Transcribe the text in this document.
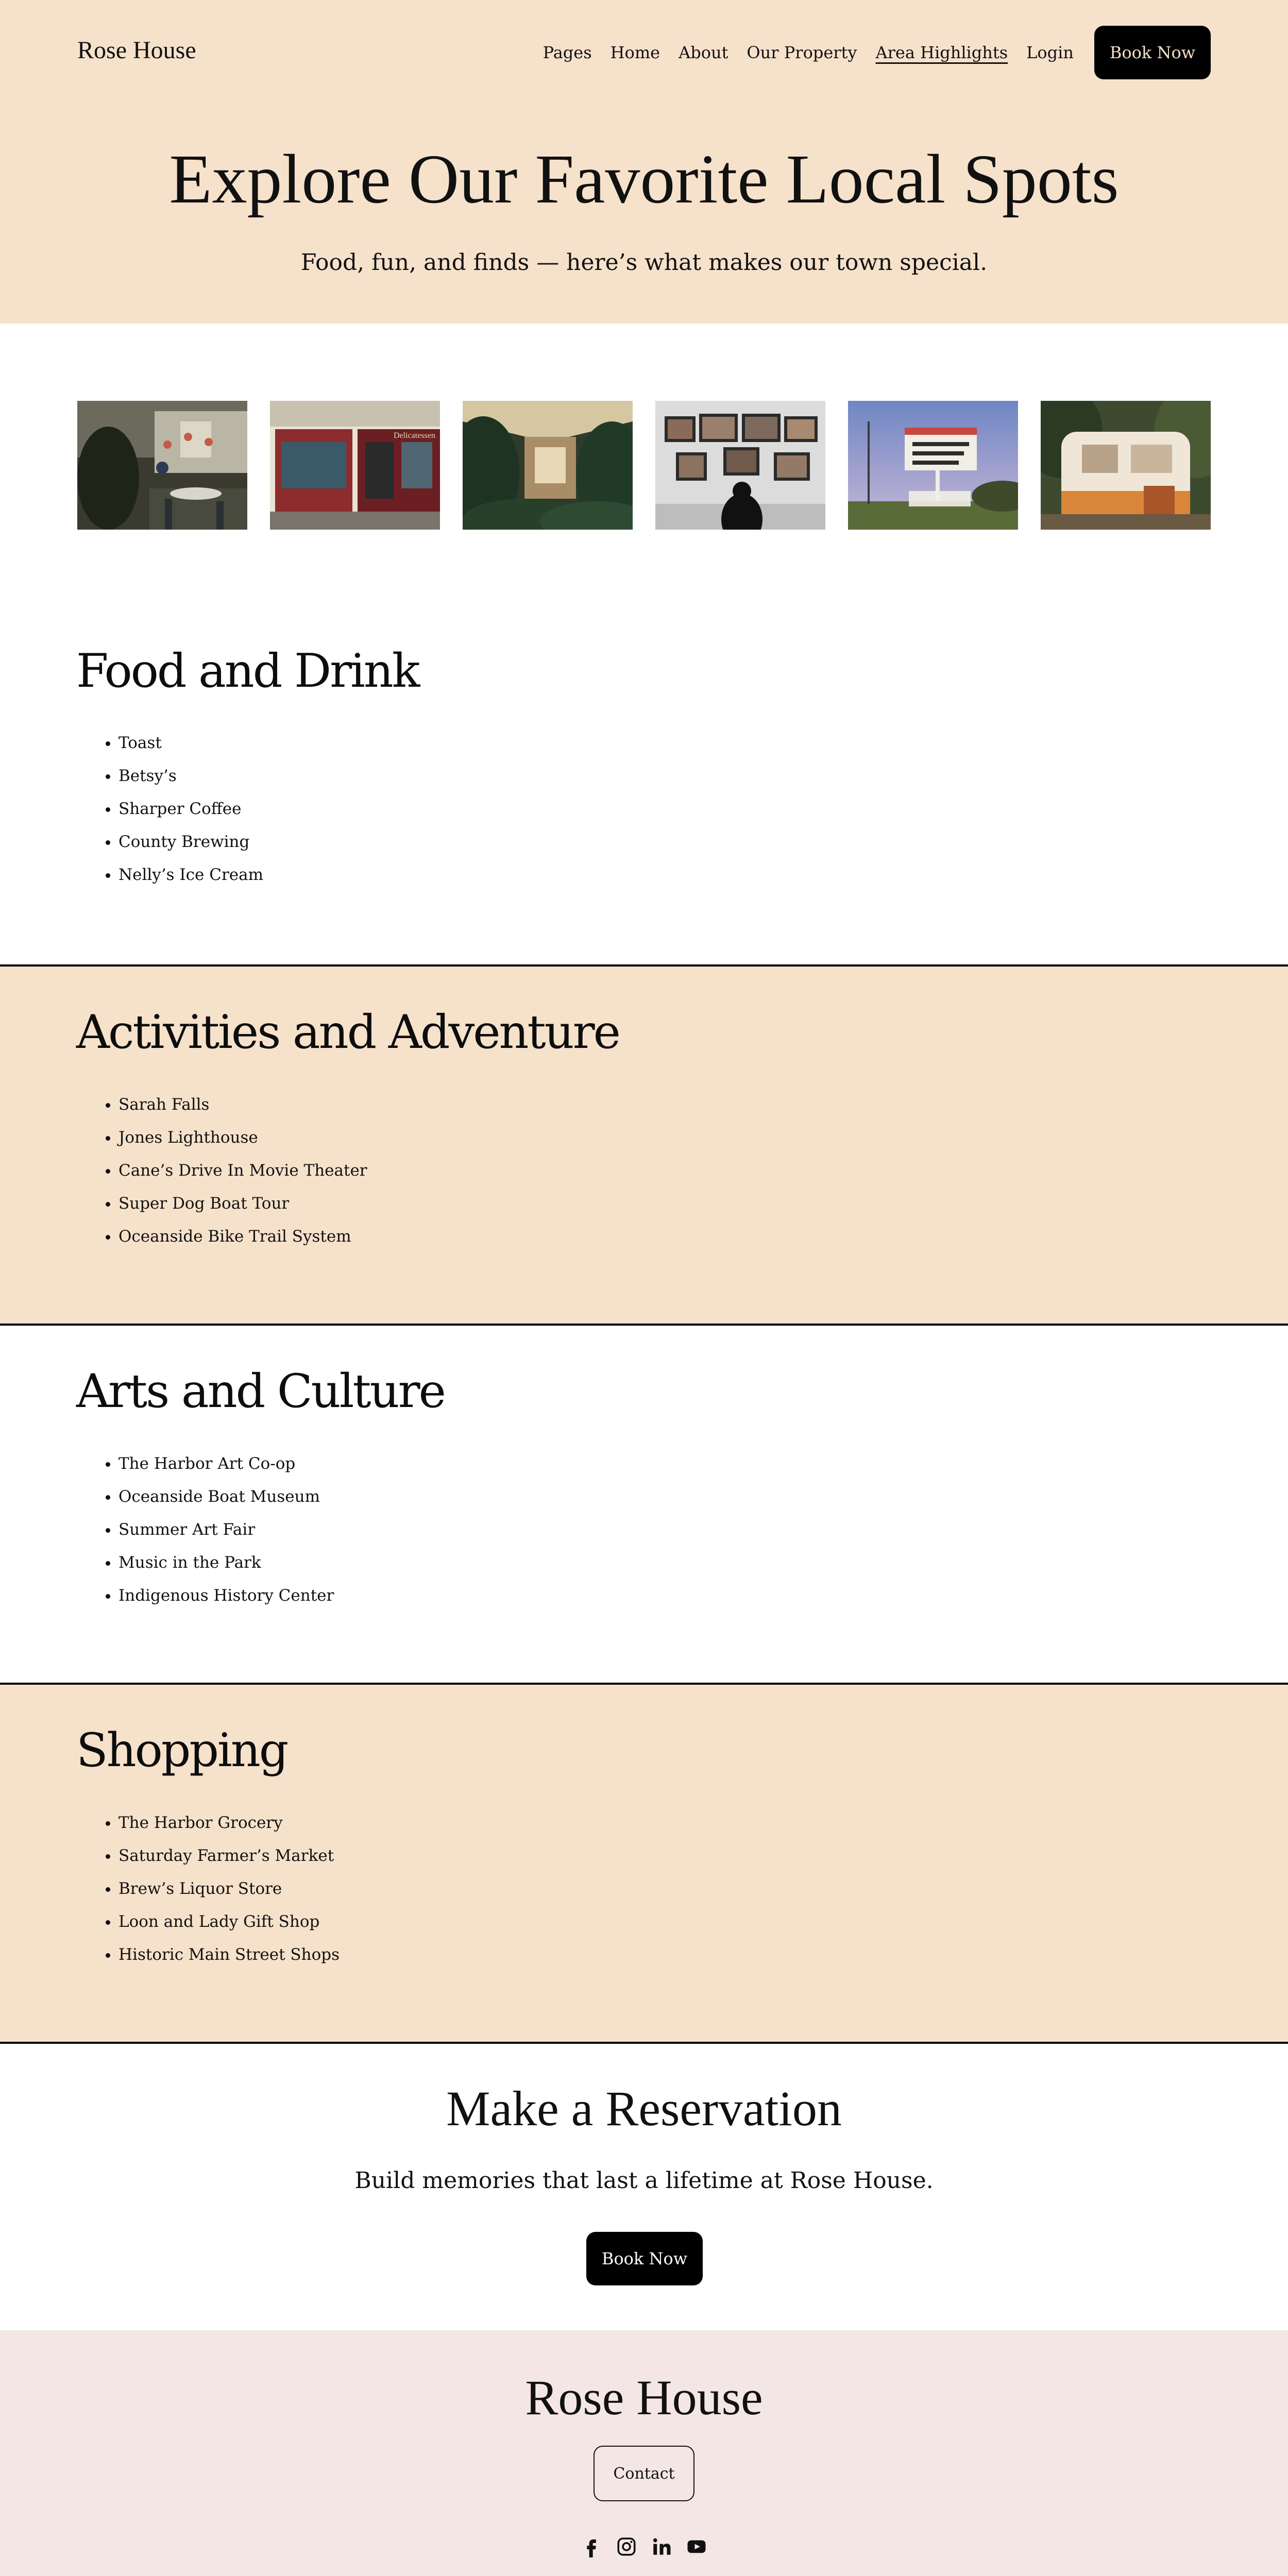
Rose House	Pages Home About Our Property Area Highlights Login	Book Now
Explore Our Favorite Local Spots

Food, fun, and finds — here’s what makes our town special.

Delicatessen
Food and Drink
• Toast
• Betsy’s
• Sharper Coffee
• County Brewing
• Nelly’s Ice Cream
Activities and Adventure
• Sarah Falls
• Jones Lighthouse
• Cane’s Drive In Movie Theater
• Super Dog Boat Tour
• Oceanside Bike Trail System
Arts and Culture
• The Harbor Art Co-op
• Oceanside Boat Museum
• Summer Art Fair
• Music in the Park
• Indigenous History Center
Shopping
• The Harbor Grocery
• Saturday Farmer’s Market
• Brew’s Liquor Store
• Loon and Lady Gift Shop
• Historic Main Street Shops
Make a Reservation

Build memories that last a lifetime at Rose House.

Book Now
Rose House
Contact
